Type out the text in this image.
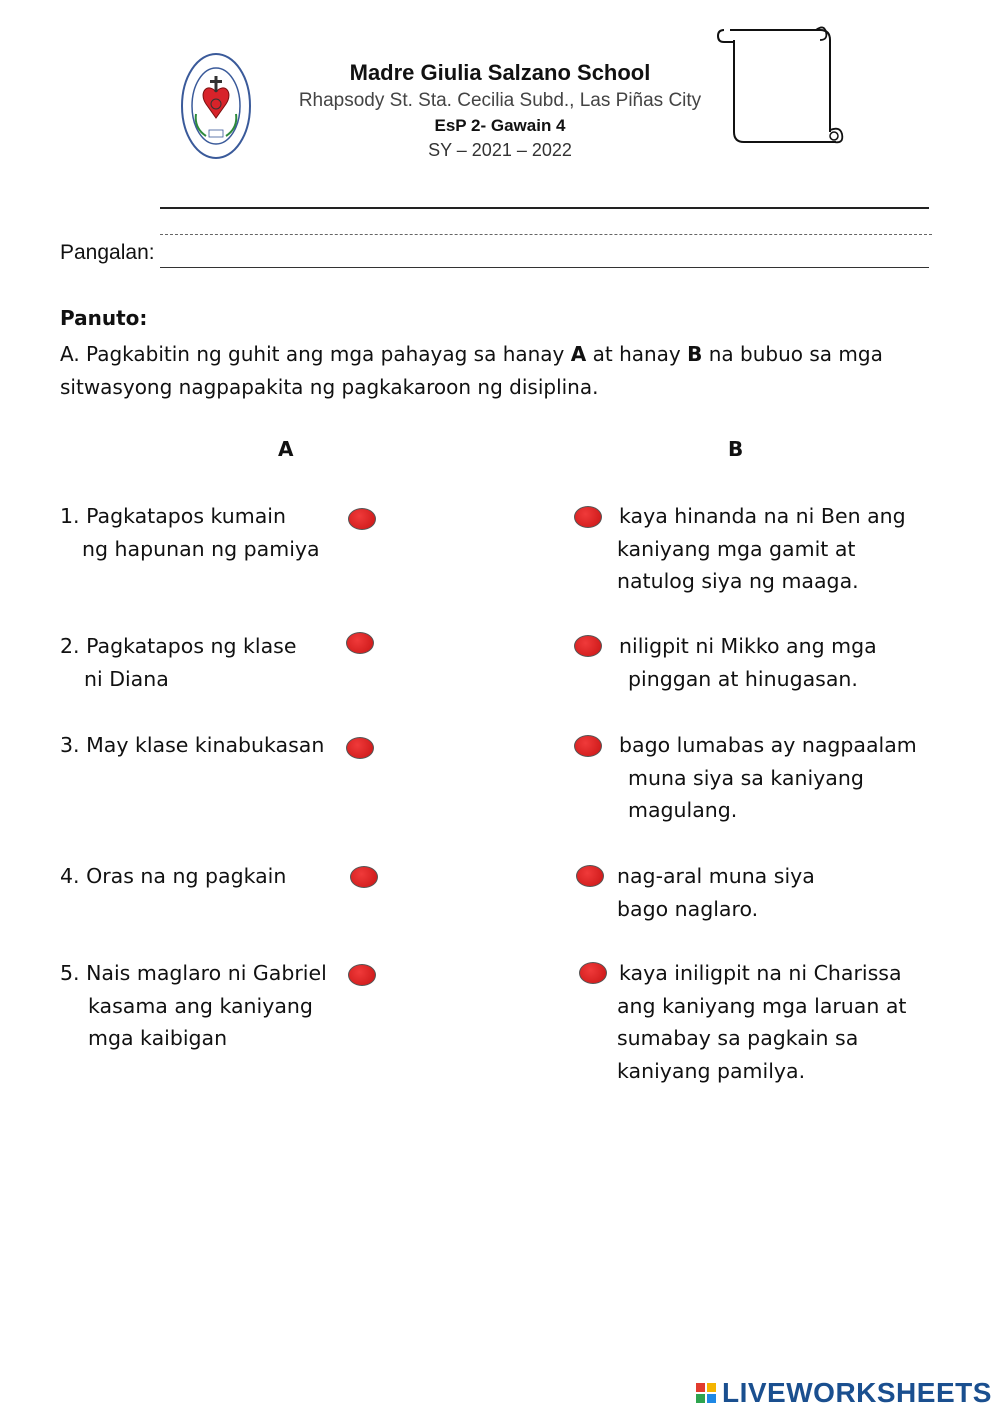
Madre Giulia Salzano School
Rhapsody St. Sta. Cecilia Subd., Las Piñas City
EsP 2- Gawain 4
SY – 2021 – 2022
Pangalan:
Panuto:
A. Pagkabitin ng guhit ang mga pahayag sa hanay A at hanay B na bubuo sa mga
sitwasyong nagpapakita ng pagkakaroon ng disiplina.
A	B
1. Pagkatapos kumain
ng hapunan ng pamiya
2. Pagkatapos ng klase
ni Diana
3. May klase kinabukasan
4. Oras na ng pagkain
5. Nais maglaro ni Gabriel
kasama ang kaniyang
mga kaibigan
kaya hinanda na ni Ben ang
kaniyang mga gamit at
natulog siya ng maaga.
niligpit ni Mikko ang mga
pinggan at hinugasan.
bago lumabas ay nagpaalam
muna siya sa kaniyang
magulang.
nag-aral muna siya
bago naglaro.
kaya iniligpit na ni Charissa
ang kaniyang mga laruan at
sumabay sa pagkain sa
kaniyang pamilya.
LIVEWORKSHEETS
